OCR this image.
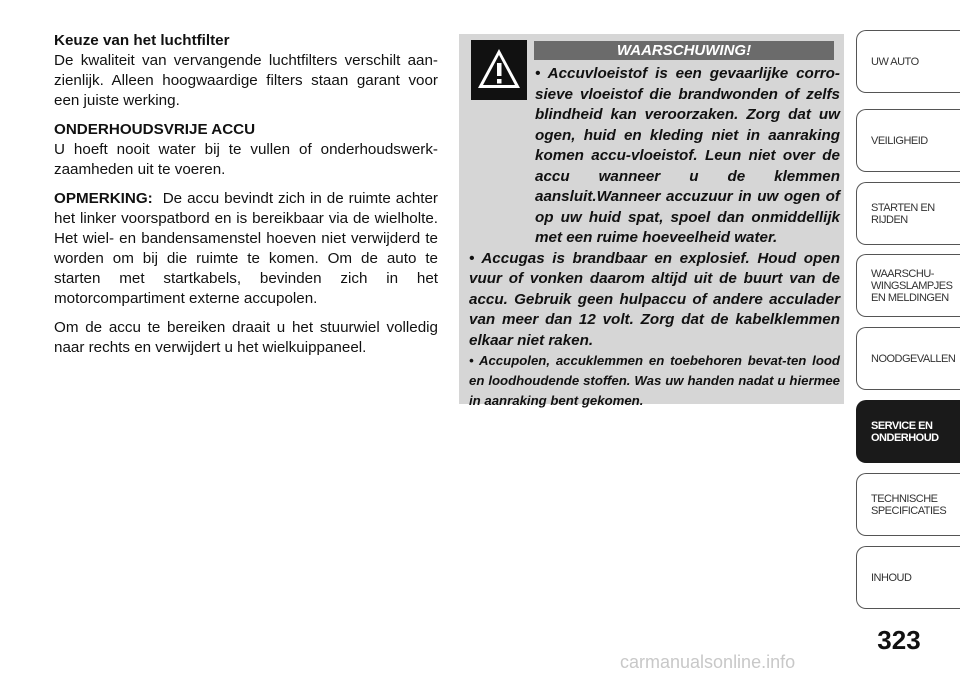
Keuze van het luchtfilter
De kwaliteit van vervangende luchtfilters verschilt aan-zienlijk. Alleen hoogwaardige filters staan garant voor een juiste werking.

ONDERHOUDSVRIJE ACCU
U hoeft nooit water bij te vullen of onderhoudswerk-zaamheden uit te voeren.

OPMERKING: De accu bevindt zich in de ruimte achter het linker voorspatbord en is bereikbaar via de wielholte. Het wiel- en bandensamenstel hoeven niet verwijderd te worden om bij die ruimte te komen. Om de auto te starten met startkabels, bevinden zich in het motorcompartiment externe accupolen.

Om de accu te bereiken draait u het stuurwiel volledig naar rechts en verwijdert u het wielkuippaneel.

WAARSCHUWING!

• Accuvloeistof is een gevaarlijke corro-sieve vloeistof die brandwonden of zelfs blindheid kan veroorzaken. Zorg dat uw ogen, huid en kleding niet in aanraking komen accu-vloeistof. Leun niet over de accu wanneer u de klemmen aansluit.Wanneer accuzuur in uw ogen of op uw huid spat, spoel dan onmiddellijk met een ruime hoeveelheid water.

• Accugas is brandbaar en explosief. Houd open vuur of vonken daarom altijd uit de buurt van de accu. Gebruik geen hulpaccu of andere acculader van meer dan 12 volt. Zorg dat de kabelklemmen elkaar niet raken.

• Accupolen, accuklemmen en toebehoren bevat-ten lood en loodhoudende stoffen. Was uw handen nadat u hiermee in aanraking bent gekomen.

UW AUTO
VEILIGHEID
STARTEN EN
RIJDEN
WAARSCHU-
WINGSLAMPJES
EN MELDINGEN
NOODGEVALLEN
SERVICE EN
ONDERHOUD
TECHNISCHE
SPECIFICATIES
INHOUD
323
carmanualsonline.info
